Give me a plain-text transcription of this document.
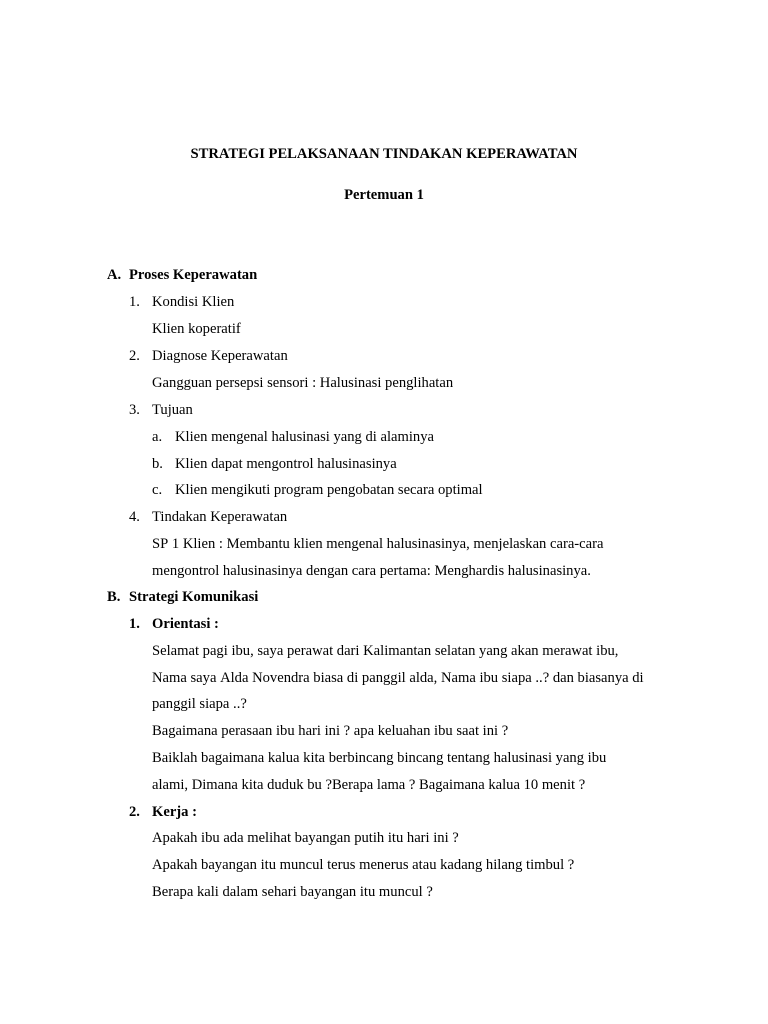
STRATEGI PELAKSANAAN TINDAKAN KEPERAWATAN
Pertemuan 1
A. Proses Keperawatan
1. Kondisi Klien
Klien koperatif
2. Diagnose Keperawatan
Gangguan persepsi sensori : Halusinasi penglihatan
3. Tujuan
a. Klien mengenal halusinasi yang di alaminya
b. Klien dapat mengontrol halusinasinya
c. Klien mengikuti program pengobatan secara optimal
4. Tindakan Keperawatan
SP 1 Klien : Membantu klien mengenal halusinasinya, menjelaskan cara-cara
mengontrol halusinasinya dengan cara pertama: Menghardis halusinasinya.
B. Strategi Komunikasi
1. Orientasi :
Selamat pagi ibu, saya perawat dari Kalimantan selatan yang akan merawat ibu,
Nama saya Alda Novendra biasa di panggil alda, Nama ibu siapa ..? dan biasanya di
panggil siapa ..?
Bagaimana perasaan ibu hari ini ? apa keluahan ibu saat ini ?
Baiklah bagaimana kalua kita berbincang bincang tentang halusinasi yang ibu
alami, Dimana kita duduk bu ?Berapa lama ? Bagaimana kalua 10 menit ?
2. Kerja :
Apakah ibu ada melihat bayangan putih itu hari ini ?
Apakah bayangan itu muncul terus menerus atau kadang hilang timbul ?
Berapa kali dalam sehari bayangan itu muncul ?
